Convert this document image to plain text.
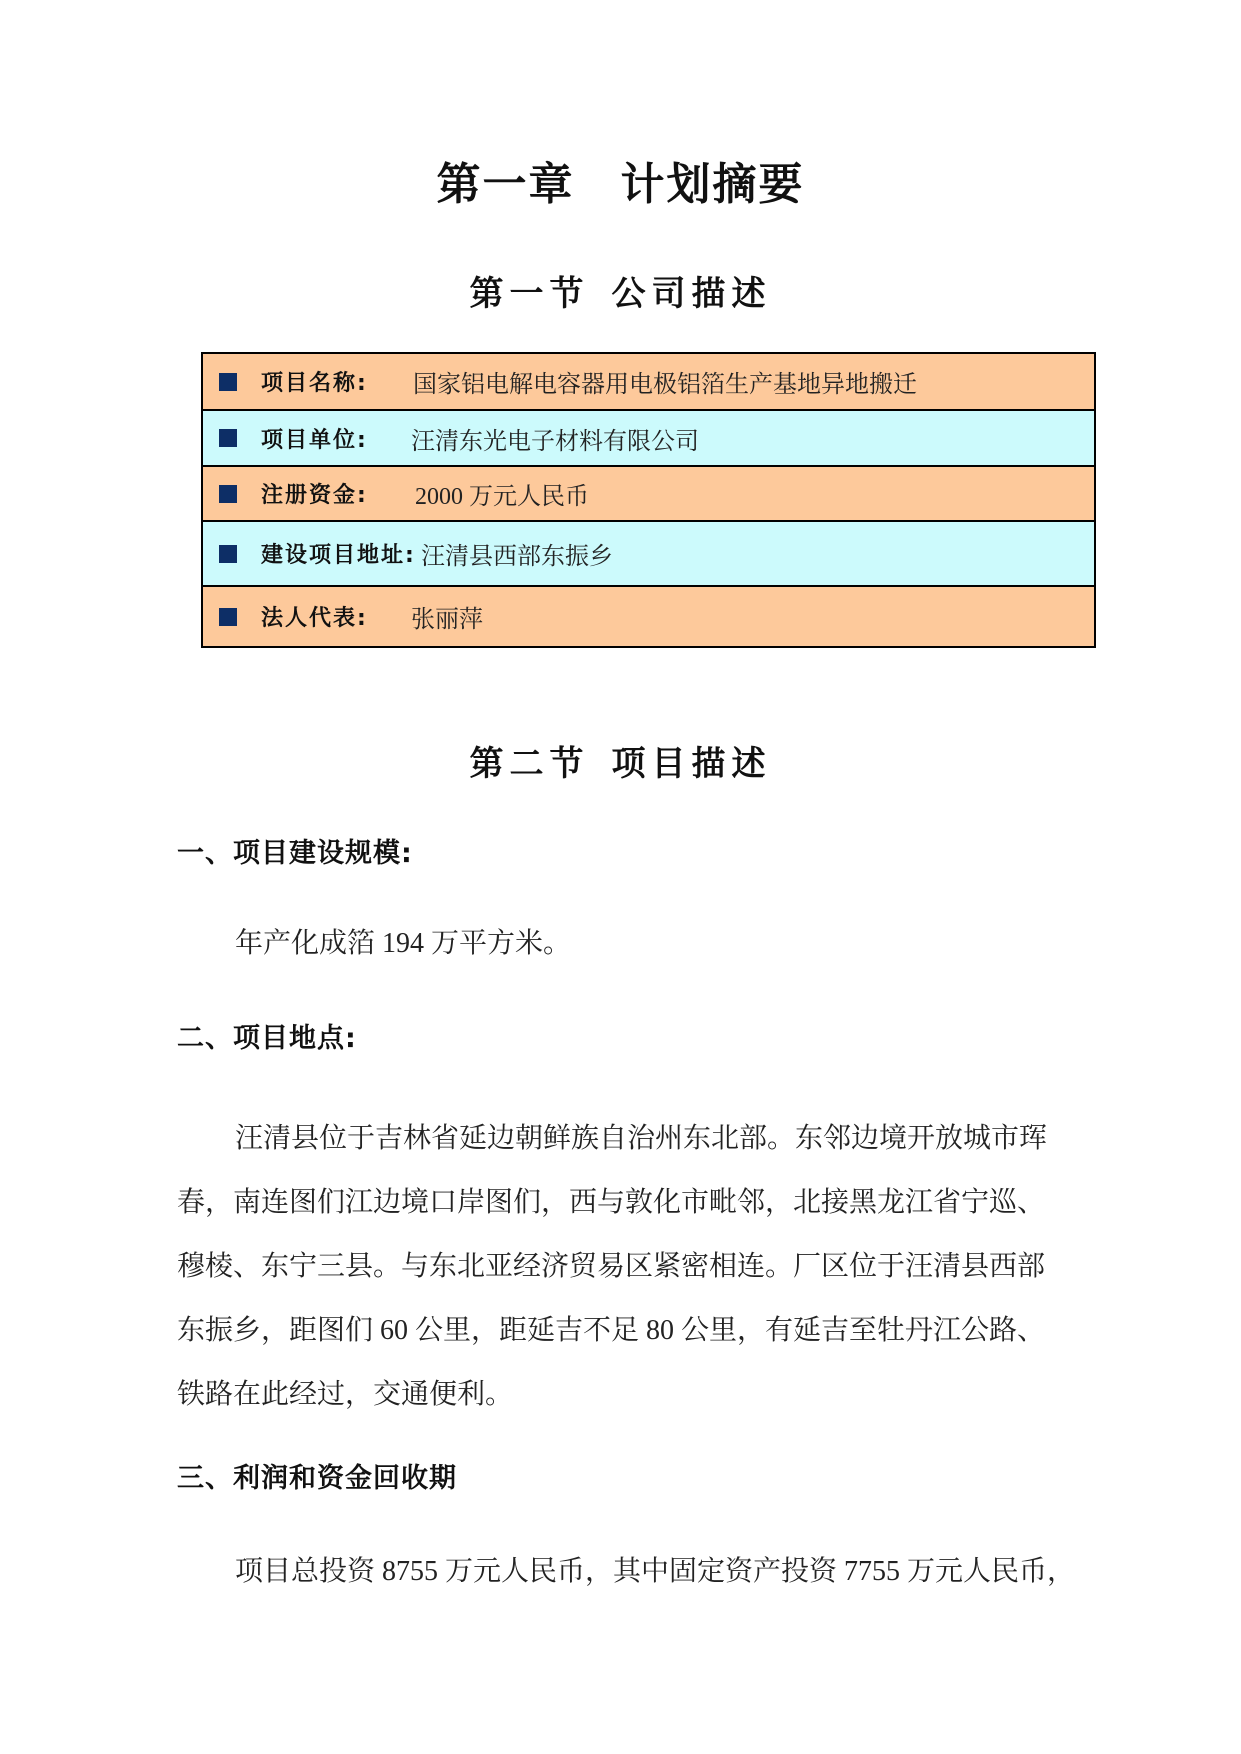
第一章 计划摘要
第一节 公司描述
项目名称:	国家铝电解电容器用电极铝箔生产基地异地搬迁
项目单位:	汪清东光电子材料有限公司
注册资金:	2000 万元人民币
建设项目地址: 汪清县西部东振乡
法人代表:	张丽萍
第二节 项目描述
一、项目建设规模:
年产化成箔 194 万平方米。
二、项目地点:
汪清县位于吉林省延边朝鲜族自治州东北部。东邻边境开放城市珲
春，南连图们江边境口岸图们，西与敦化市毗邻，北接黑龙江省宁巡、
穆棱、东宁三县。与东北亚经济贸易区紧密相连。厂区位于汪清县西部
东振乡，距图们 60 公里，距延吉不足 80 公里，有延吉至牡丹江公路、
铁路在此经过，交通便利。
三、利润和资金回收期
项目总投资 8755 万元人民币，其中固定资产投资 7755 万元人民币，
